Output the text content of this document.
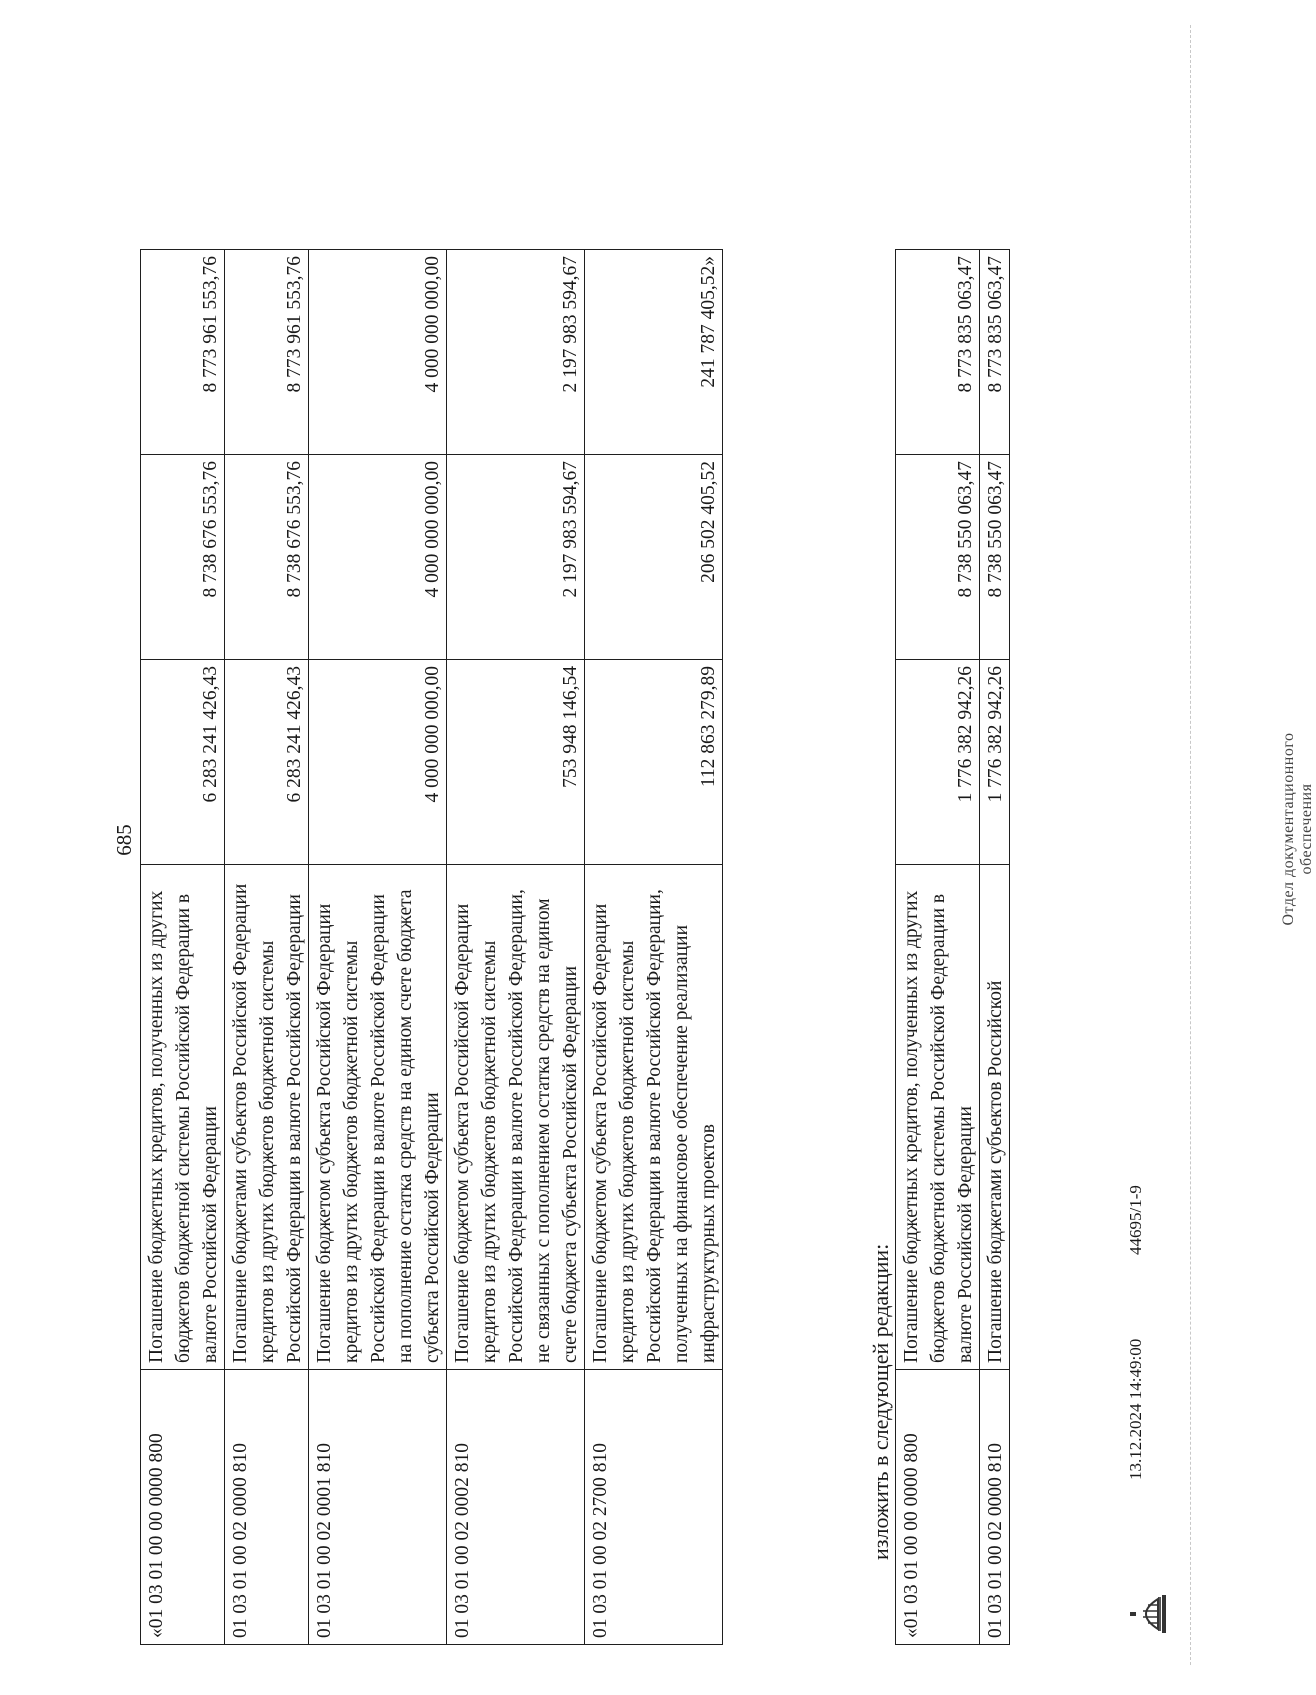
685
«01 03 01 00 00 0000 800	Погашение бюджетных кредитов, полученных из других бюджетов бюджетной системы Российской Федерации в валюте Российской Федерации	6 283 241 426,43	8 738 676 553,76	8 773 961 553,76
01 03 01 00 02 0000 810	Погашение бюджетами субъектов Российской Федерации кредитов из других бюджетов бюджетной системы Российской Федерации в валюте Российской Федерации	6 283 241 426,43	8 738 676 553,76	8 773 961 553,76
01 03 01 00 02 0001 810	Погашение бюджетом субъекта Российской Федерации кредитов из других бюджетов бюджетной системы Российской Федерации в валюте Российской Федерации на пополнение остатка средств на едином счете бюджета субъекта Российской Федерации	4 000 000 000,00	4 000 000 000,00	4 000 000 000,00
01 03 01 00 02 0002 810	Погашение бюджетом субъекта Российской Федерации кредитов из других бюджетов бюджетной системы Российской Федерации в валюте Российской Федерации, не связанных с пополнением остатка средств на едином счете бюджета субъекта Российской Федерации	753 948 146,54	2 197 983 594,67	2 197 983 594,67
01 03 01 00 02 2700 810	Погашение бюджетом субъекта Российской Федерации кредитов из других бюджетов бюджетной системы Российской Федерации в валюте Российской Федерации, полученных на финансовое обеспечение реализации инфраструктурных проектов	112 863 279,89	206 502 405,52	241 787 405,52»
изложить в следующей редакции: «01 03 01 00 00 0000 800	Погашение бюджетных кредитов, полученных из других бюджетов бюджетной системы Российской Федерации в валюте Российской Федерации	1 776 382 942,26	8 738 550 063,47	8 773 835 063,47
01 03 01 00 02 0000 810	Погашение бюджетами субъектов Российской	1 776 382 942,26	8 738 550 063,47	8 773 835 063,47
13.12.2024 14:49:00
44695/1-9
Отдел документационного обеспечения
